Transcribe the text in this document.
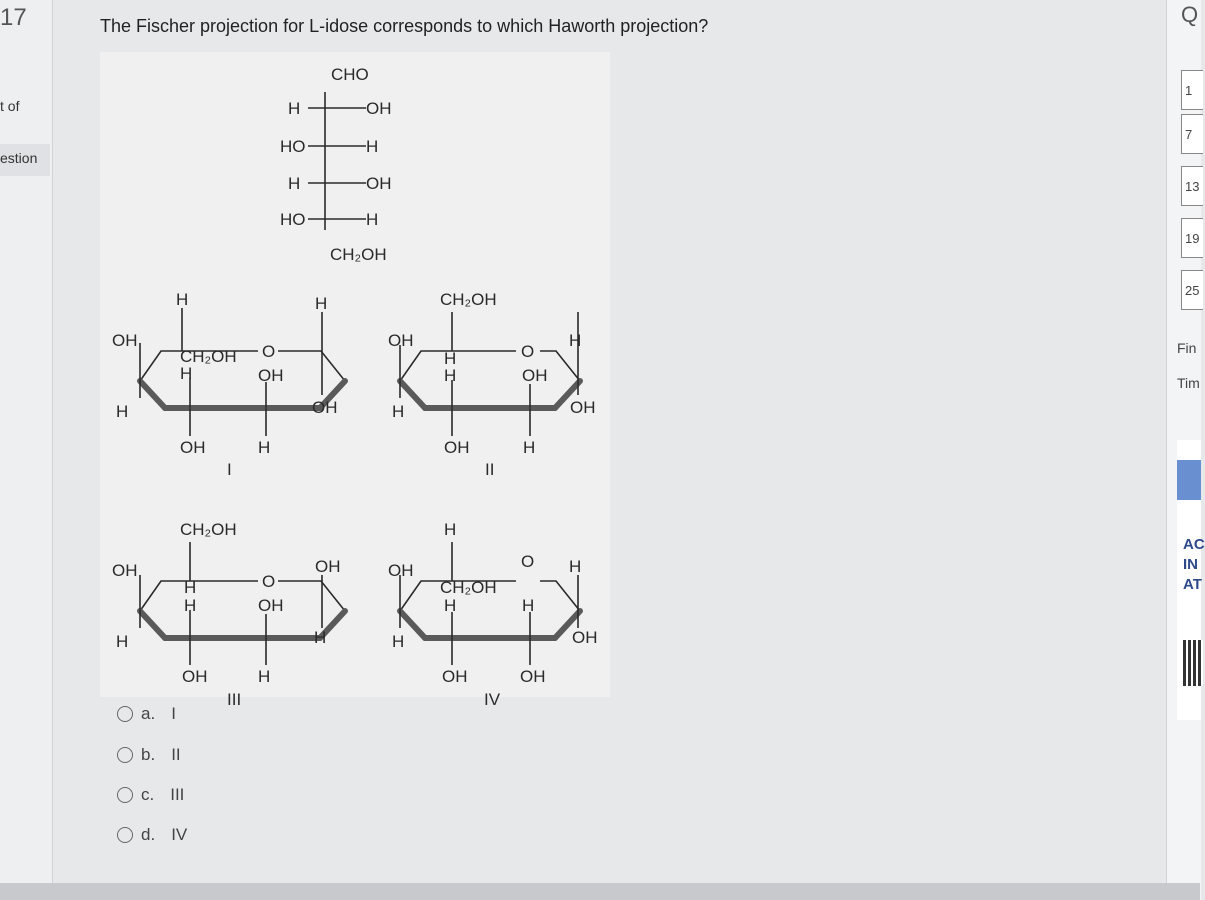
17
t of
estion
The Fischer projection for L-idose corresponds to which Haworth projection?
CHO
H	OH
HO	H
H	OH
HO	H
CH₂OH
H
OH
CH₂OH
H
H
O
H
OH
OH
OH	H
I
CH₂OH
OH
H
H
H
O
H
OH
OH
OH	H
II
CH₂OH
OH
H
H
H
O
OH
OH
H
OH	H
III
H
OH
CH₂OH
H
H
O H
H
OH
OH	OH
IV
a. I
b. II
c. III
d. IV
Q
1
7
13
19
25
Fin
Tim
AC
IN
AT
